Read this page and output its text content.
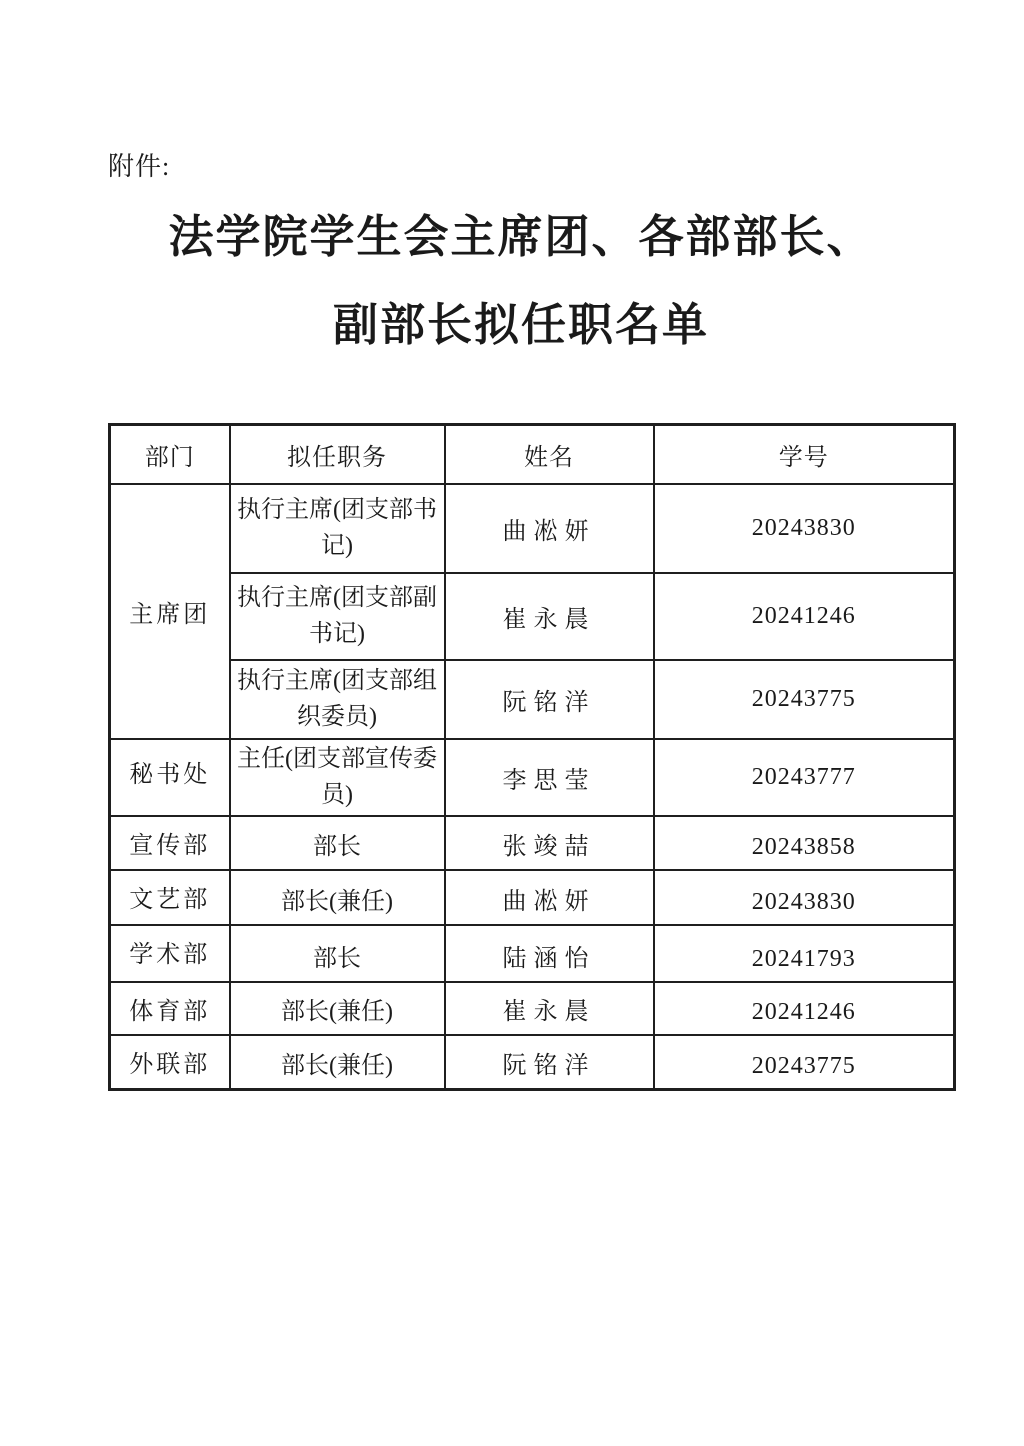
附件:
法学院学生会主席团、各部部长、
副部长拟任职名单
部门	拟任职务	姓名	学号
主席团	执行主席(团支部书记)	曲凇妍	20243830
	执行主席(团支部副书记)	崔永晨	20241246
	执行主席(团支部组织委员)	阮铭洋	20243775
秘书处	主任(团支部宣传委员)	李思莹	20243777
宣传部	部长	张竣喆	20243858
文艺部	部长(兼任)	曲凇妍	20243830
学术部	部长	陆涵怡	20241793
体育部	部长(兼任)	崔永晨	20241246
外联部	部长(兼任)	阮铭洋	20243775
